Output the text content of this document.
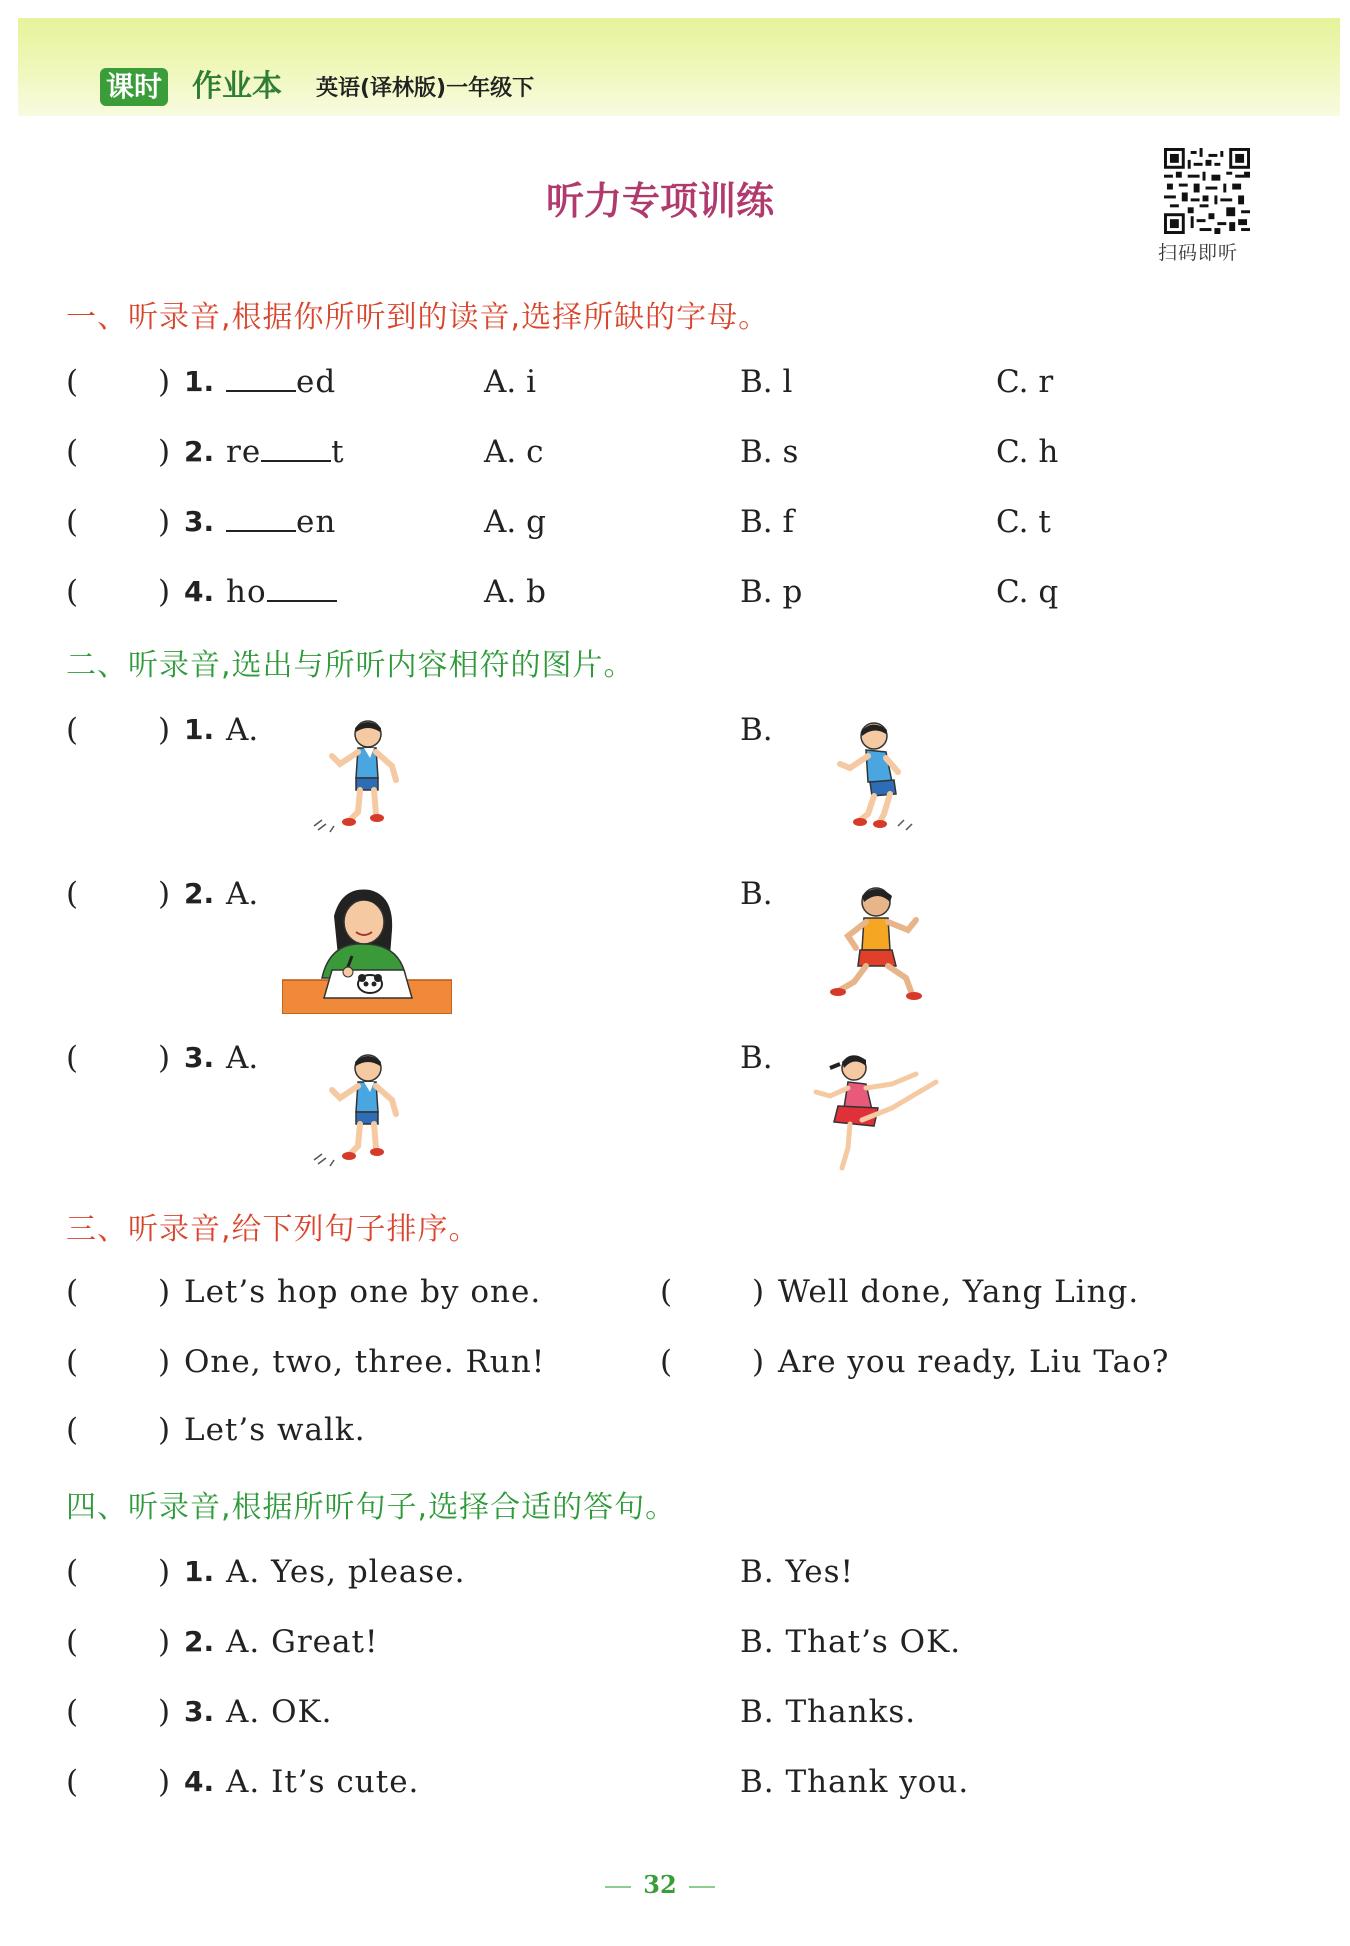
课时 作业本 英语(译林版)一年级下
听力专项训练
扫码即听
一、听录音,根据你所听到的读音,选择所缺的字母。
(	) 1.	ed	A. i	B. l	C. r
(	) 2. re t	A. c	B. s	C. h
(	) 3.	en	A. g	B. f	C. t
(	) 4. ho	A. b	B. p	C. q
二、听录音,选出与所听内容相符的图片。
(	) 1. A.	B.
(	) 2. A.	B.
(	) 3. A.	B.
三、听录音,给下列句子排序。
(	) Let’s hop one by one.	(	) Well done, Yang Ling.
(	) One, two, three. Run!	(	) Are you ready, Liu Tao?
(	) Let’s walk.
四、听录音,根据所听句子,选择合适的答句。
(	) 1. A. Yes, please.	B. Yes!
(	) 2. A. Great!	B. That’s OK.
(	) 3. A. OK.	B. Thanks.
(	) 4. A. It’s cute.	B. Thank you.
32
